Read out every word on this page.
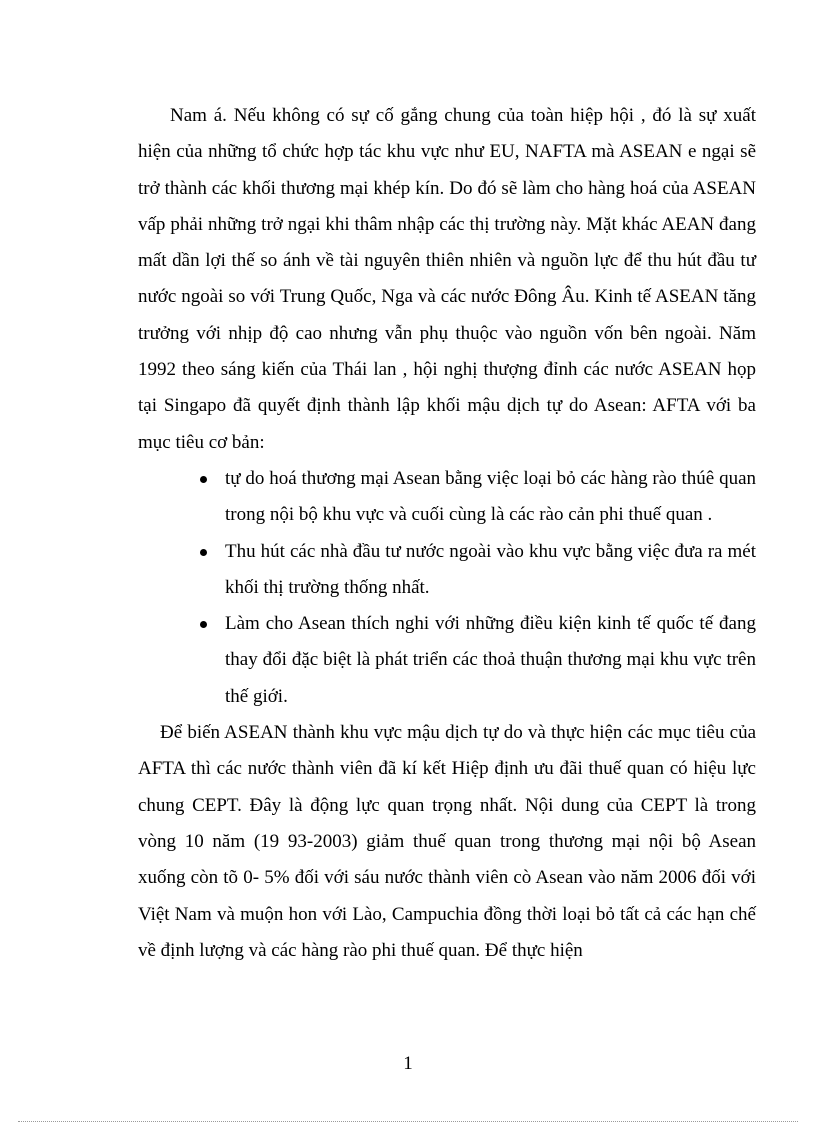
Nam á. Nếu không có sự cố gắng chung của toàn hiệp hội , đó là sự xuất hiện của những tổ chức hợp tác khu vực như EU, NAFTA mà ASEAN e ngại sẽ trở thành các khối thương mại khép kín. Do đó sẽ làm cho hàng hoá của ASEAN vấp phải những trở ngại khi thâm nhập các thị trường này. Mặt khác AEAN đang mất dần lợi thế so ánh về tài nguyên thiên nhiên và nguồn lực để thu hút đầu tư nước ngoài so với Trung Quốc, Nga và các nước Đông Âu. Kinh tế ASEAN tăng trưởng với nhịp độ cao nhưng vẫn phụ thuộc vào nguồn vốn bên ngoài. Năm 1992 theo sáng kiến của Thái lan , hội nghị thượng đỉnh các nước ASEAN họp tại Singapo đã quyết định thành lập khối mậu dịch tự do Asean: AFTA với ba mục tiêu cơ bản:

tự do hoá thương mại Asean bằng việc loại bỏ các hàng rào thúê quan trong nội bộ khu vực và cuối cùng là các rào cản phi thuế quan .
Thu hút các nhà đầu tư nước ngoài vào khu vực bằng việc đưa ra mét khối thị trường thống nhất.
Làm cho Asean thích nghi với những điều kiện kinh tế quốc tế đang thay đổi đặc biệt là phát triển các thoả thuận thương mại khu vực trên thế giới.

Để biến ASEAN thành khu vực mậu dịch tự do và thực hiện các mục tiêu của AFTA thì các nước thành viên đã kí kết Hiệp định ưu đãi thuế quan có hiệu lực chung CEPT. Đây là động lực quan trọng nhất. Nội dung của CEPT là trong vòng 10 năm (19 93-2003) giảm thuế quan trong thương mại nội bộ Asean xuống còn tõ 0- 5% đối với sáu nước thành viên cò Asean vào năm 2006 đối với Việt Nam và muộn hon với Lào, Campuchia đồng thời loại bỏ tất cả các hạn chế về định lượng và các hàng rào phi thuế quan. Để thực hiện

1
